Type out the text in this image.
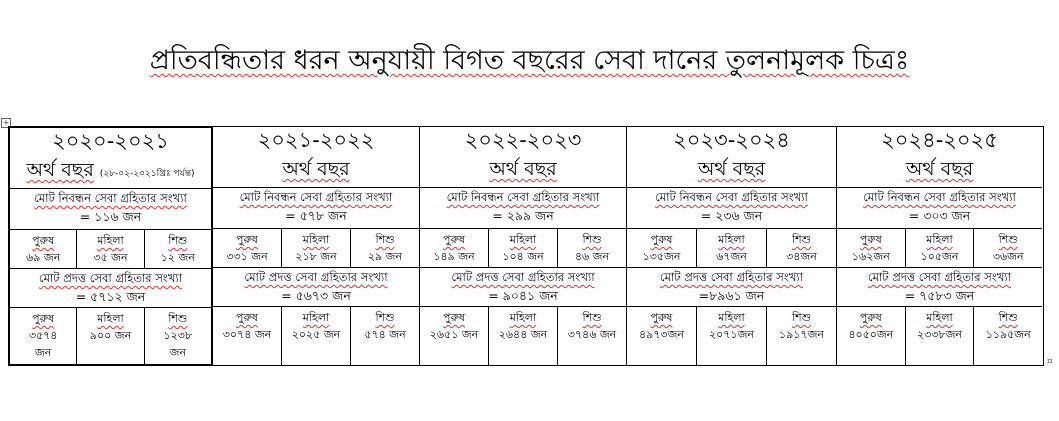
প্রতিবন্ধিতার ধরন অনুযায়ী বিগত বছরের সেবা দানের তুলনামূলক চিত্রঃ
+
২০২০-২০২১
অর্থ বছর (২৮-০২-২০২১খ্রিঃ পর্যন্ত)
মোট নিবন্ধন সেবা গ্রহিতার সংখ্যা
= ১১৬ জন
পুরুষ
৬৯ জন
মহিলা
৩৫ জন
শিশু
১২ জন
মোট প্রদত্ত সেবা গ্রহিতার সংখ্যা
= ৫৭১২ জন
পুরুষ
৩৫৭৪ জন
মহিলা
৯০০ জন
শিশু
১২৩৮ জন
২০২১-২০২২
অর্থ বছর
মোট নিবন্ধন সেবা গ্রহিতার সংখ্যা
= ৫৭৮ জন
পুরুষ
৩৩১ জন
মহিলা
২১৮ জন
শিশু
২৯ জন
মোট প্রদত্ত সেবা গ্রহিতার সংখ্যা
= ৫৬৭৩ জন
পুরুষ
৩০৭৪ জন
মহিলা
২০২৫ জন
শিশু
৫৭৪ জন
২০২২-২০২৩
অর্থ বছর
মোট নিবন্ধন সেবা গ্রহিতার সংখ্যা
= ২৯৯ জন
পুরুষ
১৪৯ জন
মহিলা
১০৪ জন
শিশু
৪৬ জন
মোট প্রদত্ত সেবা গ্রহিতার সংখ্যা
= ৯০৪১ জন
পুরুষ
২৬৫১ জন
মহিলা
২৬৪৪ জন
শিশু
৩৭৪৬ জন
২০২৩-২০২৪
অর্থ বছর
মোট নিবন্ধন সেবা গ্রহিতার সংখ্যা
= ২৩৬ জন
পুরুষ
১৩৫জন
মহিলা
৬৭জন
শিশু
৩৪জন
মোট প্রদত্ত সেবা গ্রহিতার সংখ্যা
=৮৯৬১ জন
পুরুষ
৪৯৭৩জন
মহিলা
২০৭১জন
শিশু
১৯১৭জন
২০২৪-২০২৫
অর্থ বছর
মোট নিবন্ধন সেবা গ্রহিতার সংখ্যা
= ৩০৩ জন
পুরুষ
১৬২জন
মহিলা
১০৫জন
শিশু
৩৬জন
মোট প্রদত্ত সেবা গ্রহিতার সংখ্যা
= ৭৫৮৩ জন
পুরুষ
৪০৫০জন
মহিলা
২৩৩৮জন
শিশু
১১৯৫জন
¤
